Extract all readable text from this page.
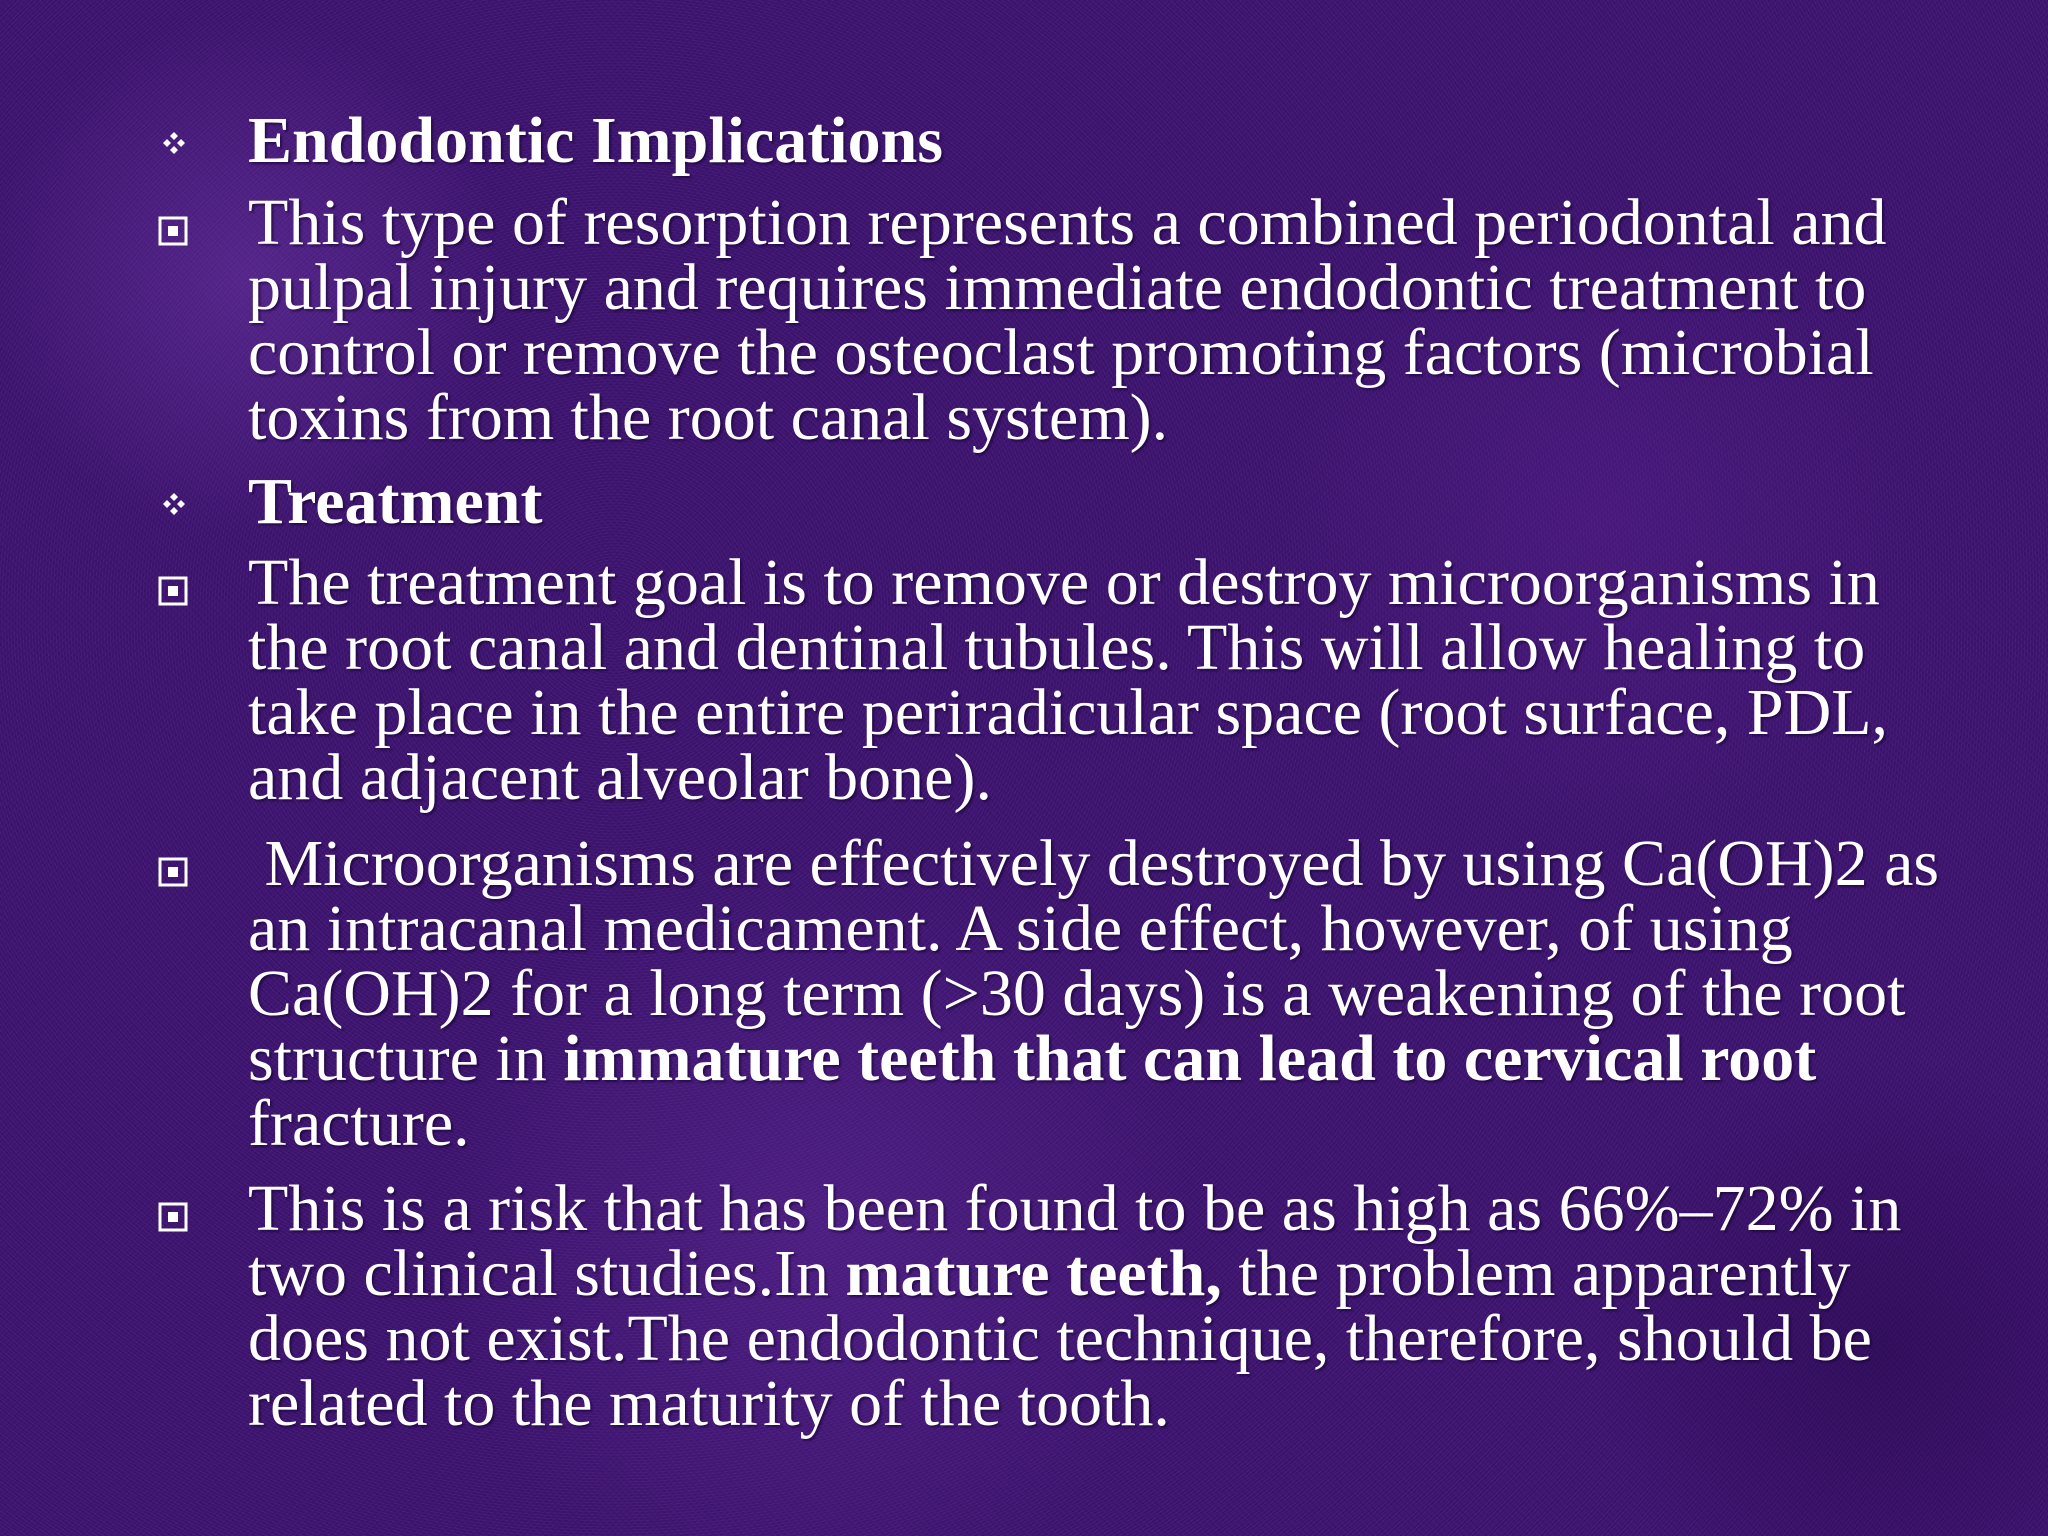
Endodontic Implications
This type of resorption represents a combined periodontal and pulpal injury and requires immediate endodontic treatment to control or remove the osteoclast promoting factors (microbial toxins from the root canal system).
Treatment
The treatment goal is to remove or destroy microorganisms in the root canal and dentinal tubules. This will allow healing to take place in the entire periradicular space (root surface, PDL, and adjacent alveolar bone).
Microorganisms are effectively destroyed by using Ca(OH)2 as an intracanal medicament. A side effect, however, of using Ca(OH)2 for a long term (>30 days) is a weakening of the root structure in immature teeth that can lead to cervical root fracture.
This is a risk that has been found to be as high as 66%–72% in two clinical studies.In mature teeth, the problem apparently does not exist.The endodontic technique, therefore, should be related to the maturity of the tooth.
